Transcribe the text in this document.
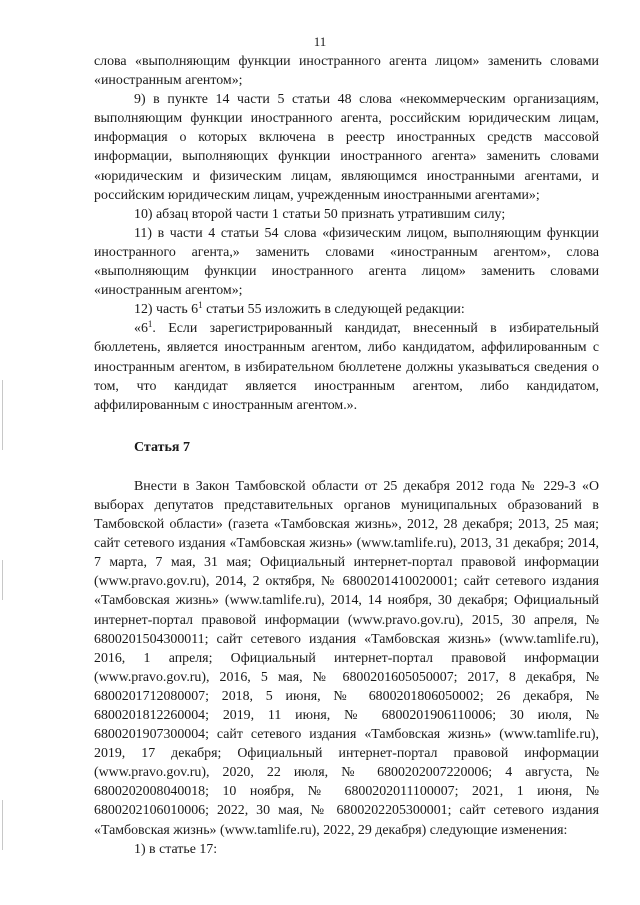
11

слова «выполняющим функции иностранного агента лицом» заменить словами «иностранным агентом»;

9) в пункте 14 части 5 статьи 48 слова «некоммерческим организациям, выполняющим функции иностранного агента, российским юридическим лицам, информация о которых включена в реестр иностранных средств массовой информации, выполняющих функции иностранного агента» заменить словами «юридическим и физическим лицам, являющимся иностранными агентами, и российским юридическим лицам, учрежденным иностранными агентами»;

10) абзац второй части 1 статьи 50 признать утратившим силу;

11) в части 4 статьи 54 слова «физическим лицом, выполняющим функции иностранного агента,» заменить словами «иностранным агентом», слова «выполняющим функции иностранного агента лицом» заменить словами «иностранным агентом»;

12) часть $6^1$ статьи 55 изложить в следующей редакции:

«$6^1$. Если зарегистрированный кандидат, внесенный в избирательный бюллетень, является иностранным агентом, либо кандидатом, аффилированным с иностранным агентом, в избирательном бюллетене должны указываться сведения о том, что кандидат является иностранным агентом, либо кандидатом, аффилированным с иностранным агентом.».

Статья 7

Внести в Закон Тамбовской области от 25 декабря 2012 года № 229-З «О выборах депутатов представительных органов муниципальных образований в Тамбовской области» (газета «Тамбовская жизнь», 2012, 28 декабря; 2013, 25 мая; сайт сетевого издания «Тамбовская жизнь» (www.tamlife.ru), 2013, 31 декабря; 2014, 7 марта, 7 мая, 31 мая; Официальный интернет-портал правовой информации (www.pravo.gov.ru), 2014, 2 октября, № 6800201410020001; сайт сетевого издания «Тамбовская жизнь» (www.tamlife.ru), 2014, 14 ноября, 30 декабря; Официальный интернет-портал правовой информации (www.pravo.gov.ru), 2015, 30 апреля, № 6800201504300011; сайт сетевого издания «Тамбовская жизнь» (www.tamlife.ru), 2016, 1 апреля; Официальный интернет-портал правовой информации (www.pravo.gov.ru), 2016, 5 мая, № 6800201605050007; 2017, 8 декабря, № 6800201712080007; 2018, 5 июня, № 6800201806050002; 26 декабря, № 6800201812260004; 2019, 11 июня, № 6800201906110006; 30 июля, № 6800201907300004; сайт сетевого издания «Тамбовская жизнь» (www.tamlife.ru), 2019, 17 декабря; Официальный интернет-портал правовой информации (www.pravo.gov.ru), 2020, 22 июля, № 6800202007220006; 4 августа, № 6800202008040018; 10 ноября, № 6800202011100007; 2021, 1 июня, № 6800202106010006; 2022, 30 мая, № 6800202205300001; сайт сетевого издания «Тамбовская жизнь» (www.tamlife.ru), 2022, 29 декабря) следующие изменения:

1) в статье 17:
